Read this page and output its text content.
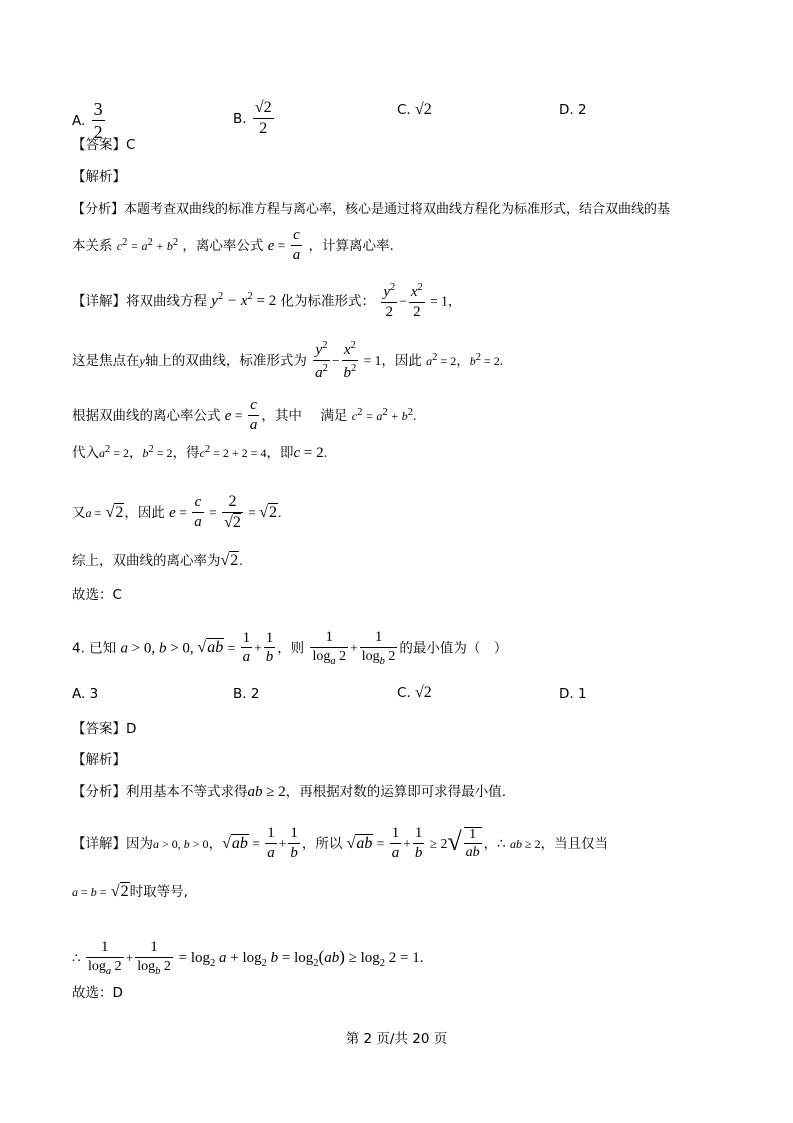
A. $\frac{3}{2}$	B. $\frac{√2}{2}$	C. √2	D. 2
【答案】C
【解析】
【分析】本题考查双曲线的标准方程与离心率，核心是通过将双曲线方程化为标准形式，结合双曲线的基
本关系 $c^2 = a^2 + b^2$ ，离心率公式 $e = \frac{c}{a}$ ，计算离心率.
【详解】将双曲线方程 $y^2 - x^2 = 2$ 化为标准形式： $\frac{y^2}{2} - \frac{x^2}{2} = 1$，
这是焦点在y轴上的双曲线，标准形式为 $\frac{y^2}{a^2} - \frac{x^2}{b^2} = 1$，因此 $a^2 = 2$，$b^2 = 2$.
根据双曲线的离心率公式 $e = \frac{c}{a}$ ，其中 满足 $c^2 = a^2 + b^2$.
代入$a^2 = 2$，$b^2 = 2$，得$c^2 = 2 + 2 = 4$，即c = 2.
又a = √2，因此 $e = \frac{c}{a} = \frac{2}{√2} = √2$.
综上，双曲线的离心率为√2.
故选：C
4. 已知 a > 0, b > 0, $√ab = \frac{1}{a} + \frac{1}{b}$ ，则 $\frac{1}{\log_a 2} + \frac{1}{\log_b 2}$ 的最小值为（　）
A. 3	B. 2	C. √2	D. 1
【答案】D
【解析】
【分析】利用基本不等式求得ab ≥ 2，再根据对数的运算即可求得最小值.
【详解】因为a > 0, b > 0，$√ab = \frac{1}{a} + \frac{1}{b}$ ，所以 $√ab = \frac{1}{a} + \frac{1}{b} \ge 2√ \frac{1}{ab}$ ，∴ ab ≥ 2，当且仅当
a = b = √2时取等号,
∴ $\frac{1}{\log_a 2} + \frac{1}{\log_b 2} = \log_2 a + \log_2 b = \log_2(ab) \ge \log_2 2 = 1$.
故选：D
第 2 页/共 20 页
